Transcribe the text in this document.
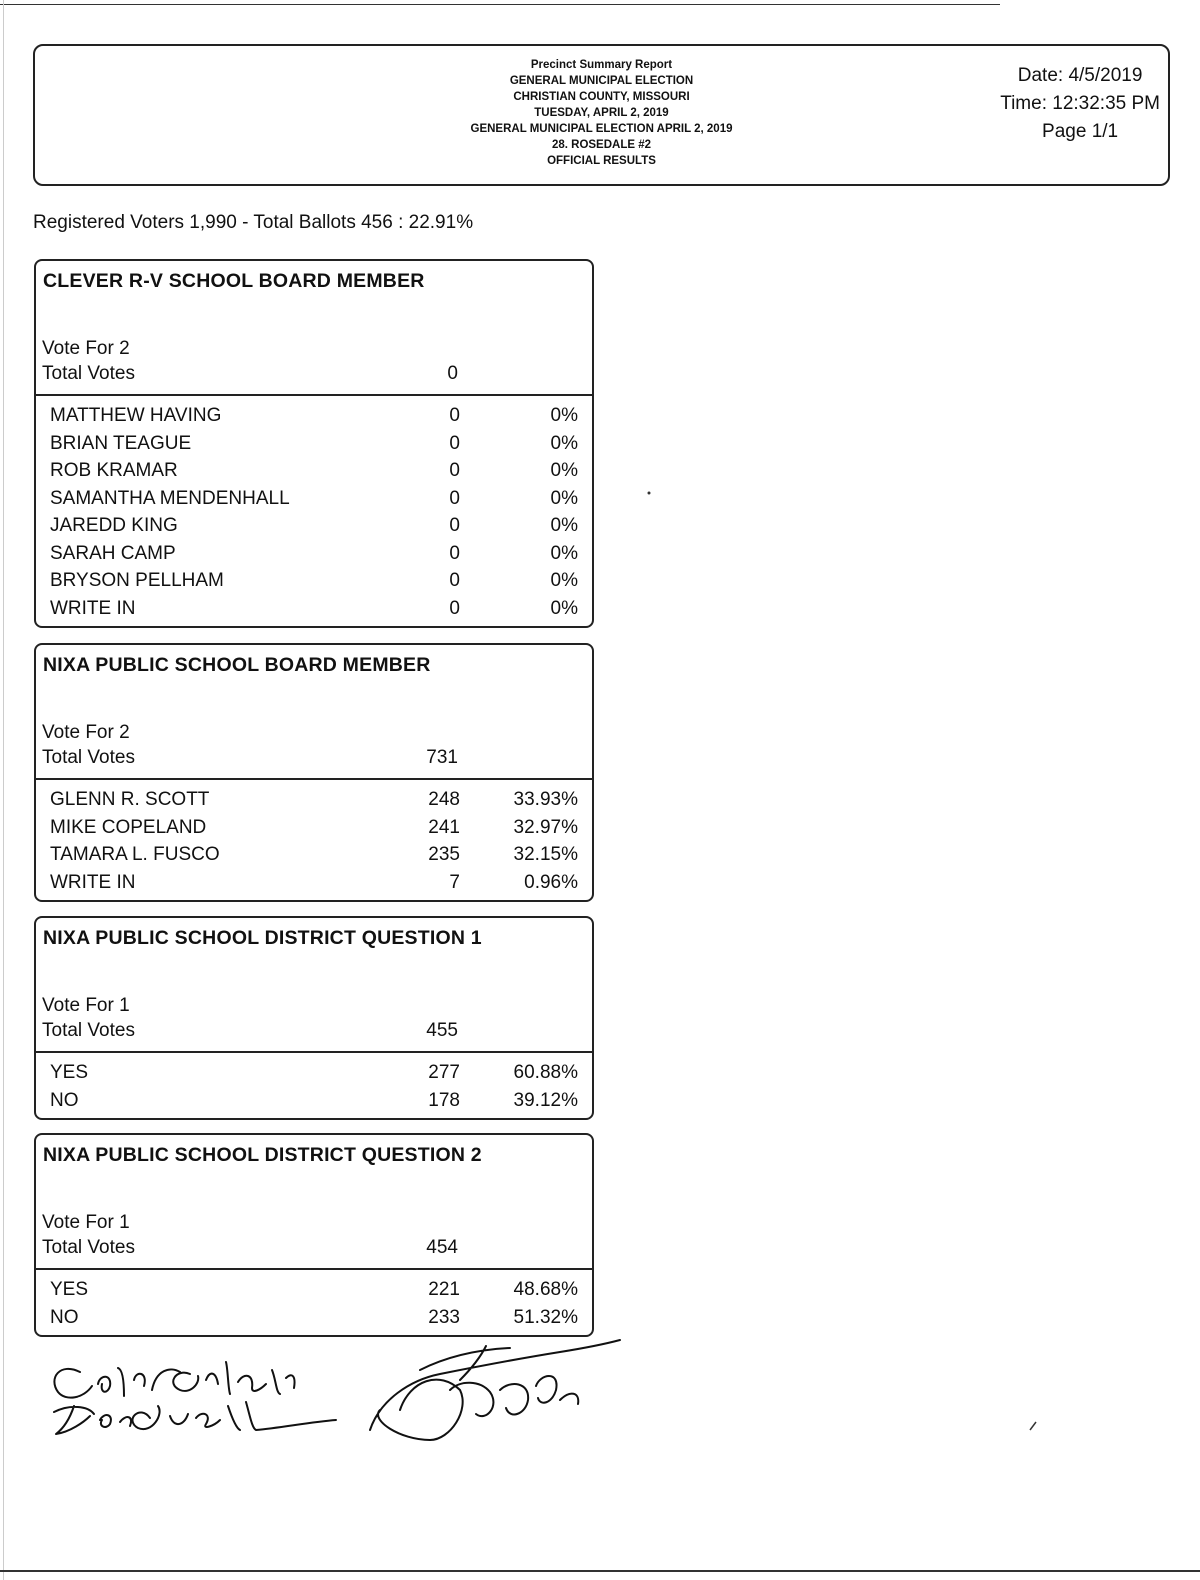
Precinct Summary Report
GENERAL MUNICIPAL ELECTION
CHRISTIAN COUNTY, MISSOURI
TUESDAY, APRIL 2, 2019
GENERAL MUNICIPAL ELECTION APRIL 2, 2019
28. ROSEDALE #2
OFFICIAL RESULTS
Date: 4/5/2019
Time: 12:32:35 PM
Page 1/1
Registered Voters 1,990 - Total Ballots 456 : 22.91%
CLEVER R-V SCHOOL BOARD MEMBER
Vote For 2
Total Votes	0
MATTHEW HAVING	0	0%
BRIAN TEAGUE	0	0%
ROB KRAMAR	0	0%
SAMANTHA MENDENHALL	0	0%
JAREDD KING	0	0%
SARAH CAMP	0	0%
BRYSON PELLHAM	0	0%
WRITE IN	0	0%
NIXA PUBLIC SCHOOL BOARD MEMBER
Vote For 2
Total Votes	731
GLENN R. SCOTT	248	33.93%
MIKE COPELAND	241	32.97%
TAMARA L. FUSCO	235	32.15%
WRITE IN	7	0.96%
NIXA PUBLIC SCHOOL DISTRICT QUESTION 1
Vote For 1
Total Votes	455
YES	277	60.88%
NO	178	39.12%
NIXA PUBLIC SCHOOL DISTRICT QUESTION 2
Vote For 1
Total Votes	454
YES	221	48.68%
NO	233	51.32%
